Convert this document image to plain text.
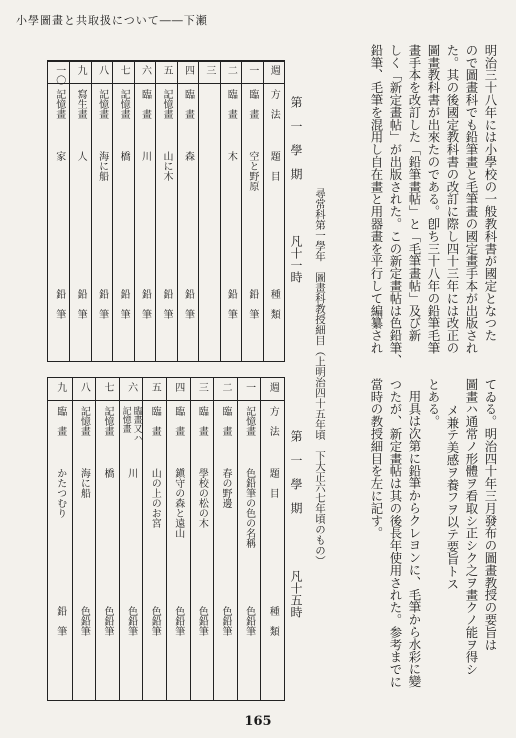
小學圖畫と共取扱について――下瀬
明治三十八年には小學校の一般教科書が國定となつた
ので圖畫科でも鉛筆畫と毛筆畫の國定畫手本が出版され
た。其の後國定教科書の改訂に際し四十三年には改正の
圖畫教科書が出來たのである。卽ち三十八年の鉛筆毛筆
畫手本を改訂した「鉛筆畫帖」と「毛筆畫帖」及び新
しく「新定畫帖」が出版された。この新定畫帖は色鉛筆、
鉛筆、毛筆を混用し自在畫と用器畫を平行して編纂され
尋常科第一學年　圖畫科教授細目（上明治四十五年頃　下大正六七年頃のもの）
第　一　學　期
凡十一時
週
方　法
題　目
種　類
一
臨　畫
空と野原
鉛　筆
二
臨　畫
木
鉛　筆
三
四
臨　畫
森
鉛　筆
五
記憶畫
山に木
鉛　筆
六
臨　畫
川
鉛　筆
七
記憶畫
橋
鉛　筆
八
記憶畫
海に船
鉛　筆
九
寫生畫
人
鉛　筆
一〇
記憶畫
家
鉛　筆
てゐる。明治四十年三月發布の圖畫教授の要旨は
圖畫ハ通常ノ形體ヲ看取シ正シク之ヲ畫クノ能ヲ得シ
メ兼テ美感ヲ養フヲ以テ要旨トス
とある。
用具は次第に鉛筆からクレヨンに、毛筆から水彩に變
つたが、新定畫帖は其の後長年使用された。参考までに
當時の教授細目を左に記す。
第　一　學　期
凡十五時
週
方　法
題　目
種　類
一
記憶畫
色鉛筆の色の名稱
色鉛筆
二
臨　畫
春の野邊
色鉛筆
三
臨　畫
學校の松の木
色鉛筆
四
臨　畫
鎭守の森と遠山
色鉛筆
五
臨　畫
山の上のお宮
色鉛筆
六
臨畫又ハ記憶畫
川
色鉛筆
七
記憶畫
橋
色鉛筆
八
記憶畫
海に船
色鉛筆
九
臨　畫
かたつむり
鉛　筆
165
